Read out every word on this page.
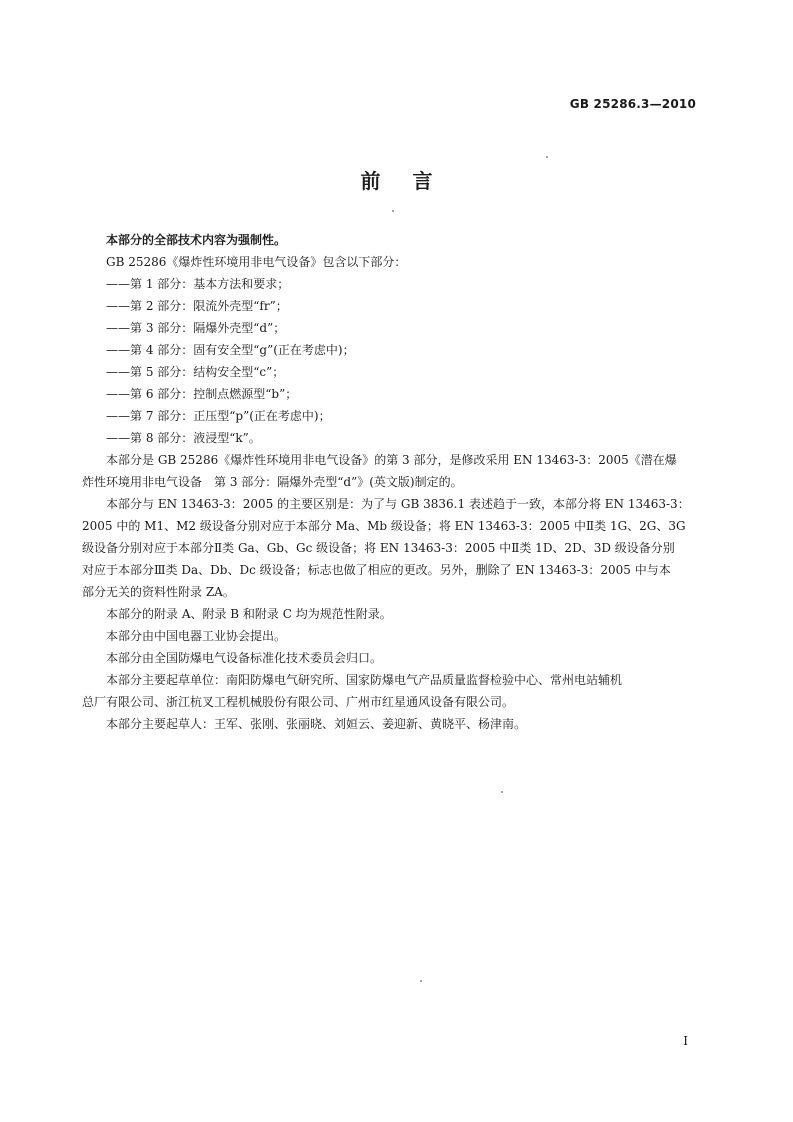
GB 25286.3—2010
前言

本部分的全部技术内容为强制性。

GB 25286《爆炸性环境用非电气设备》包含以下部分：

——第 1 部分：基本方法和要求；

——第 2 部分：限流外壳型“fr”；

——第 3 部分：隔爆外壳型“d”；

——第 4 部分：固有安全型“g”(正在考虑中)；

——第 5 部分：结构安全型“c”；

——第 6 部分：控制点燃源型“b”；

——第 7 部分：正压型“p”(正在考虑中)；

——第 8 部分：液浸型“k”。

本部分是 GB 25286《爆炸性环境用非电气设备》的第 3 部分，是修改采用 EN 13463-3：2005《潜在爆
炸性环境用非电气设备　第 3 部分：隔爆外壳型“d”》(英文版)制定的。
本部分与 EN 13463-3：2005 的主要区别是：为了与 GB 3836.1 表述趋于一致，本部分将 EN 13463-3：
2005 中的 M1、M2 级设备分别对应于本部分 Ma、Mb 级设备；将 EN 13463-3：2005 中Ⅱ类 1G、2G、3G
级设备分别对应于本部分Ⅱ类 Ga、Gb、Gc 级设备；将 EN 13463-3：2005 中Ⅱ类 1D、2D、3D 级设备分别
对应于本部分Ⅲ类 Da、Db、Dc 级设备；标志也做了相应的更改。另外，删除了 EN 13463-3：2005 中与本
部分无关的资料性附录 ZA。

本部分的附录 A、附录 B 和附录 C 均为规范性附录。

本部分由中国电器工业协会提出。

本部分由全国防爆电气设备标准化技术委员会归口。

本部分主要起草单位：南阳防爆电气研究所、国家防爆电气产品质量监督检验中心、常州电站辅机
总厂有限公司、浙江杭叉工程机械股份有限公司、广州市红星通风设备有限公司。

本部分主要起草人：王军、张刚、张丽晓、刘姮云、姜迎新、黄晓平、杨津南。

I
